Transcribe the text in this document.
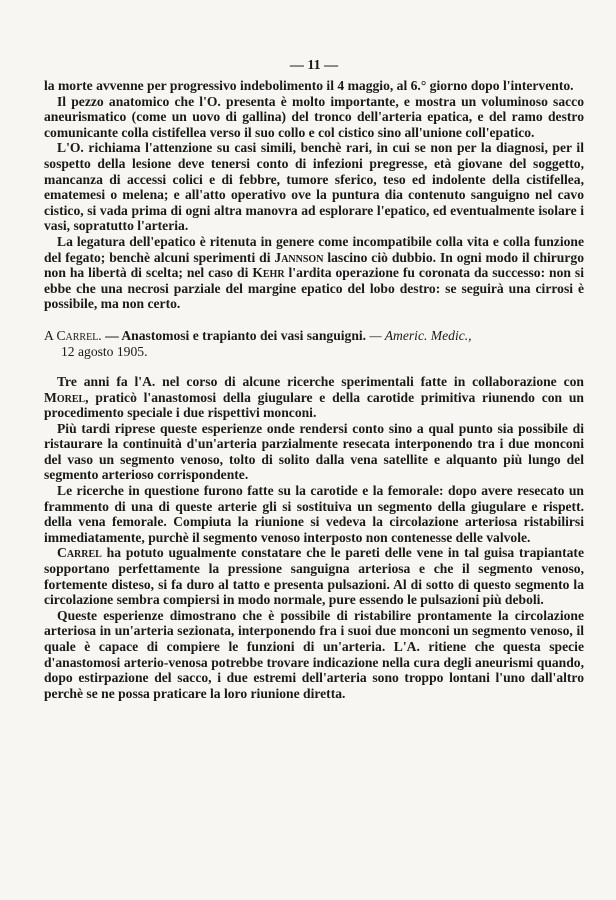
— 11 —

la morte avvenne per progressivo indebolimento il 4 maggio, al 6.° giorno dopo l'intervento.

Il pezzo anatomico che l'O. presenta è molto importante, e mostra un voluminoso sacco aneurismatico (come un uovo di gallina) del tronco dell'arteria epatica, e del ramo destro comunicante colla cistifellea verso il suo collo e col cistico sino all'unione coll'epatico.

L'O. richiama l'attenzione su casi simili, benchè rari, in cui se non per la diagnosi, per il sospetto della lesione deve tenersi conto di infezioni pregresse, età giovane del soggetto, mancanza di accessi colici e di febbre, tumore sferico, teso ed indolente della cistifellea, ematemesi o melena; e all'atto operativo ove la puntura dia contenuto sanguigno nel cavo cistico, si vada prima di ogni altra manovra ad esplorare l'epatico, ed eventualmente isolare i vasi, sopratutto l'arteria.

La legatura dell'epatico è ritenuta in genere come incompatibile colla vita e colla funzione del fegato; benchè alcuni sperimenti di Jannson lascino ciò dubbio. In ogni modo il chirurgo non ha libertà di scelta; nel caso di Kehr l'ardita operazione fu coronata da successo: non si ebbe che una necrosi parziale del margine epatico del lobo destro: se seguirà una cirrosi è possibile, ma non certo.

A Carrel. — Anastomosi e trapianto dei vasi sanguigni. — Americ. Medic.,
12 agosto 1905.

Tre anni fa l'A. nel corso di alcune ricerche sperimentali fatte in collaborazione con Morel, praticò l'anastomosi della giugulare e della carotide primitiva riunendo con un procedimento speciale i due rispettivi monconi.

Più tardi riprese queste esperienze onde rendersi conto sino a qual punto sia possibile di ristaurare la continuità d'un'arteria parzialmente resecata interponendo tra i due monconi del vaso un segmento venoso, tolto di solito dalla vena satellite e alquanto più lungo del segmento arterioso corrispondente.

Le ricerche in questione furono fatte su la carotide e la femorale: dopo avere resecato un frammento di una di queste arterie gli si sostituiva un segmento della giugulare e rispett. della vena femorale. Compiuta la riunione si vedeva la circolazione arteriosa ristabilirsi immediatamente, purchè il segmento venoso interposto non contenesse delle valvole.

Carrel ha potuto ugualmente constatare che le pareti delle vene in tal guisa trapiantate sopportano perfettamente la pressione sanguigna arteriosa e che il segmento venoso, fortemente disteso, si fa duro al tatto e presenta pulsazioni. Al di sotto di questo segmento la circolazione sembra compiersi in modo normale, pure essendo le pulsazioni più deboli.

Queste esperienze dimostrano che è possibile di ristabilire prontamente la circolazione arteriosa in un'arteria sezionata, interponendo fra i suoi due monconi un segmento venoso, il quale è capace di compiere le funzioni di un'arteria. L'A. ritiene che questa specie d'anastomosi arterio-venosa potrebbe trovare indicazione nella cura degli aneurismi quando, dopo estirpazione del sacco, i due estremi dell'arteria sono troppo lontani l'uno dall'altro perchè se ne possa praticare la loro riunione diretta.
